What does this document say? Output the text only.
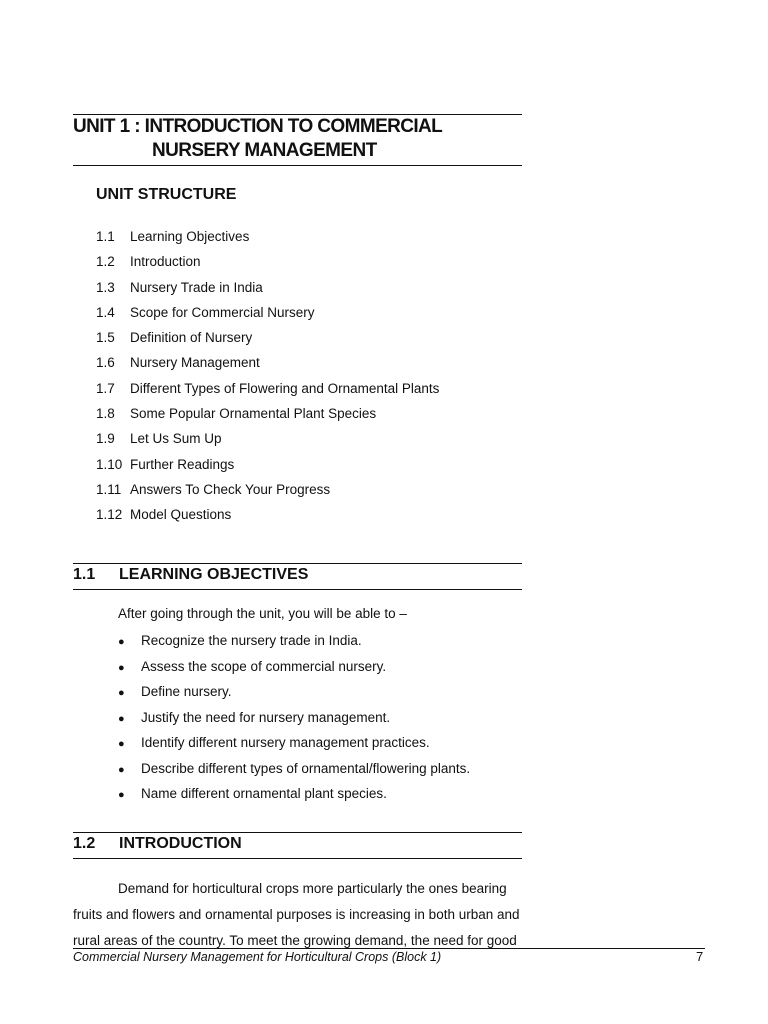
UNIT 1 : INTRODUCTION TO COMMERCIAL
NURSERY MANAGEMENT
UNIT STRUCTURE
1.1 Learning Objectives
1.2 Introduction
1.3 Nursery Trade in India
1.4 Scope for Commercial Nursery
1.5 Definition of Nursery
1.6 Nursery Management
1.7 Different Types of Flowering and Ornamental Plants
1.8 Some Popular Ornamental Plant Species
1.9 Let Us Sum Up
1.10 Further Readings
1.11 Answers To Check Your Progress
1.12 Model Questions
1.1 LEARNING OBJECTIVES
After going through the unit, you will be able to –
● Recognize the nursery trade in India.
● Assess the scope of commercial nursery.
● Define nursery.
● Justify the need for nursery management.
● Identify different nursery management practices.
● Describe different types of ornamental/flowering plants.
● Name different ornamental plant species.
1.2 INTRODUCTION
Demand for horticultural crops more particularly the ones bearing
fruits and flowers and ornamental purposes is increasing in both urban and
rural areas of the country. To meet the growing demand, the need for good
Commercial Nursery Management for Horticultural Crops (Block 1)	7
